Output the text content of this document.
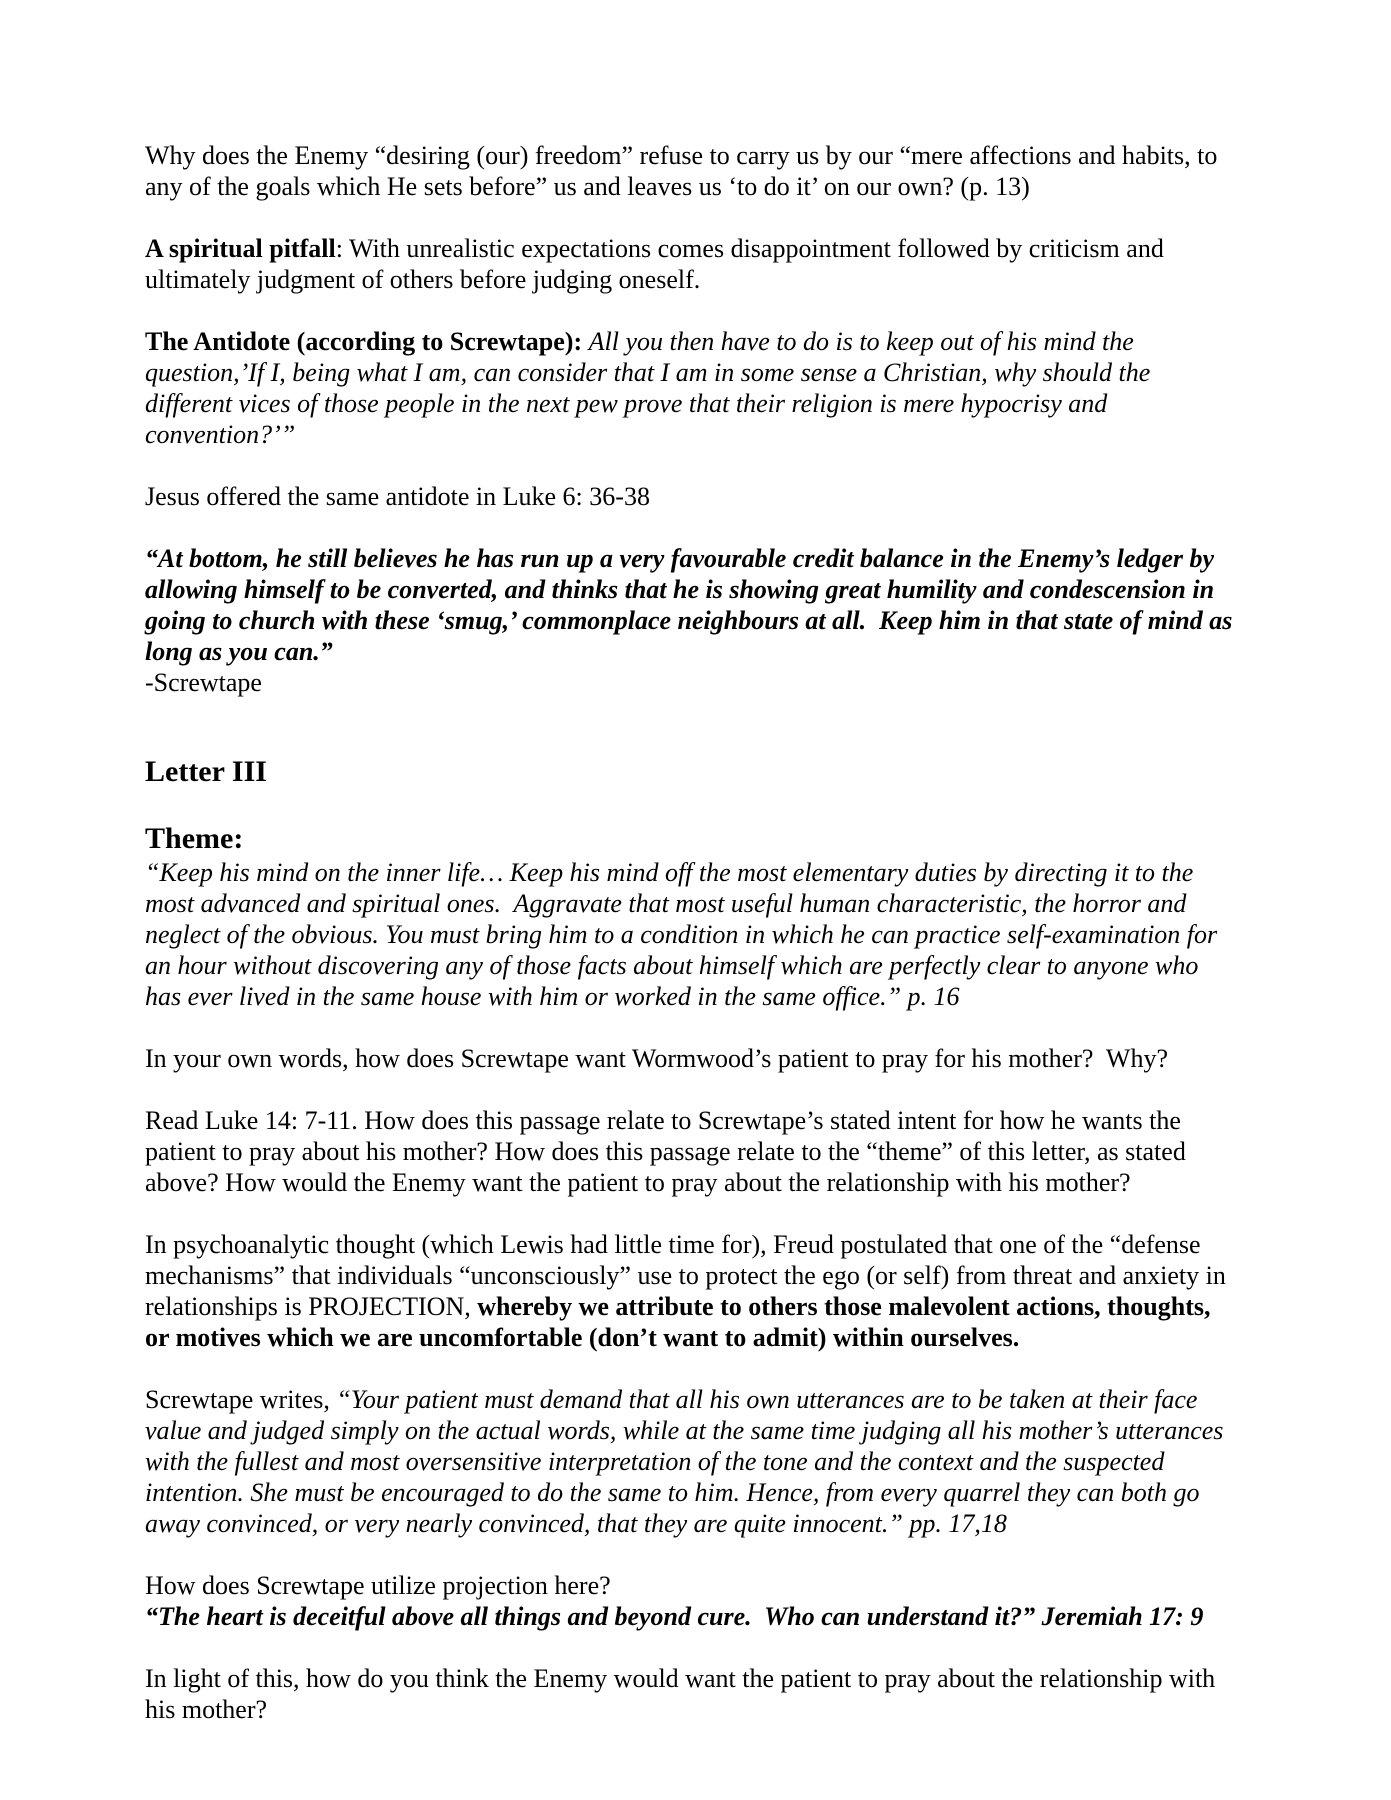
Why does the Enemy “desiring (our) freedom” refuse to carry us by our “mere affections and habits, to any of the goals which He sets before” us and leaves us ‘to do it’ on our own? (p. 13)

A spiritual pitfall: With unrealistic expectations comes disappointment followed by criticism and ultimately judgment of others before judging oneself.

The Antidote (according to Screwtape): All you then have to do is to keep out of his mind the question,’If I, being what I am, can consider that I am in some sense a Christian, why should the different vices of those people in the next pew prove that their religion is mere hypocrisy and convention?’”

Jesus offered the same antidote in Luke 6: 36-38

“At bottom, he still believes he has run up a very favourable credit balance in the Enemy’s ledger by allowing himself to be converted, and thinks that he is showing great humility and condescension in going to church with these ‘smug,’ commonplace neighbours at all.  Keep him in that state of mind as long as you can.”

-Screwtape

Letter III

Theme:

“Keep his mind on the inner life… Keep his mind off the most elementary duties by directing it to the most advanced and spiritual ones.  Aggravate that most useful human characteristic, the horror and neglect of the obvious. You must bring him to a condition in which he can practice self-examination for an hour without discovering any of those facts about himself which are perfectly clear to anyone who has ever lived in the same house with him or worked in the same office.” p. 16

In your own words, how does Screwtape want Wormwood’s patient to pray for his mother?  Why?

Read Luke 14: 7-11. How does this passage relate to Screwtape’s stated intent for how he wants the patient to pray about his mother? How does this passage relate to the “theme” of this letter, as stated above? How would the Enemy want the patient to pray about the relationship with his mother?

In psychoanalytic thought (which Lewis had little time for), Freud postulated that one of the “defense mechanisms” that individuals “unconsciously” use to protect the ego (or self) from threat and anxiety in relationships is PROJECTION, whereby we attribute to others those malevolent actions, thoughts, or motives which we are uncomfortable (don’t want to admit) within ourselves.

Screwtape writes, “Your patient must demand that all his own utterances are to be taken at their face value and judged simply on the actual words, while at the same time judging all his mother’s utterances with the fullest and most oversensitive interpretation of the tone and the context and the suspected intention. She must be encouraged to do the same to him. Hence, from every quarrel they can both go away convinced, or very nearly convinced, that they are quite innocent.” pp. 17,18

How does Screwtape utilize projection here?

“The heart is deceitful above all things and beyond cure.  Who can understand it?” Jeremiah 17: 9

In light of this, how do you think the Enemy would want the patient to pray about the relationship with his mother?
